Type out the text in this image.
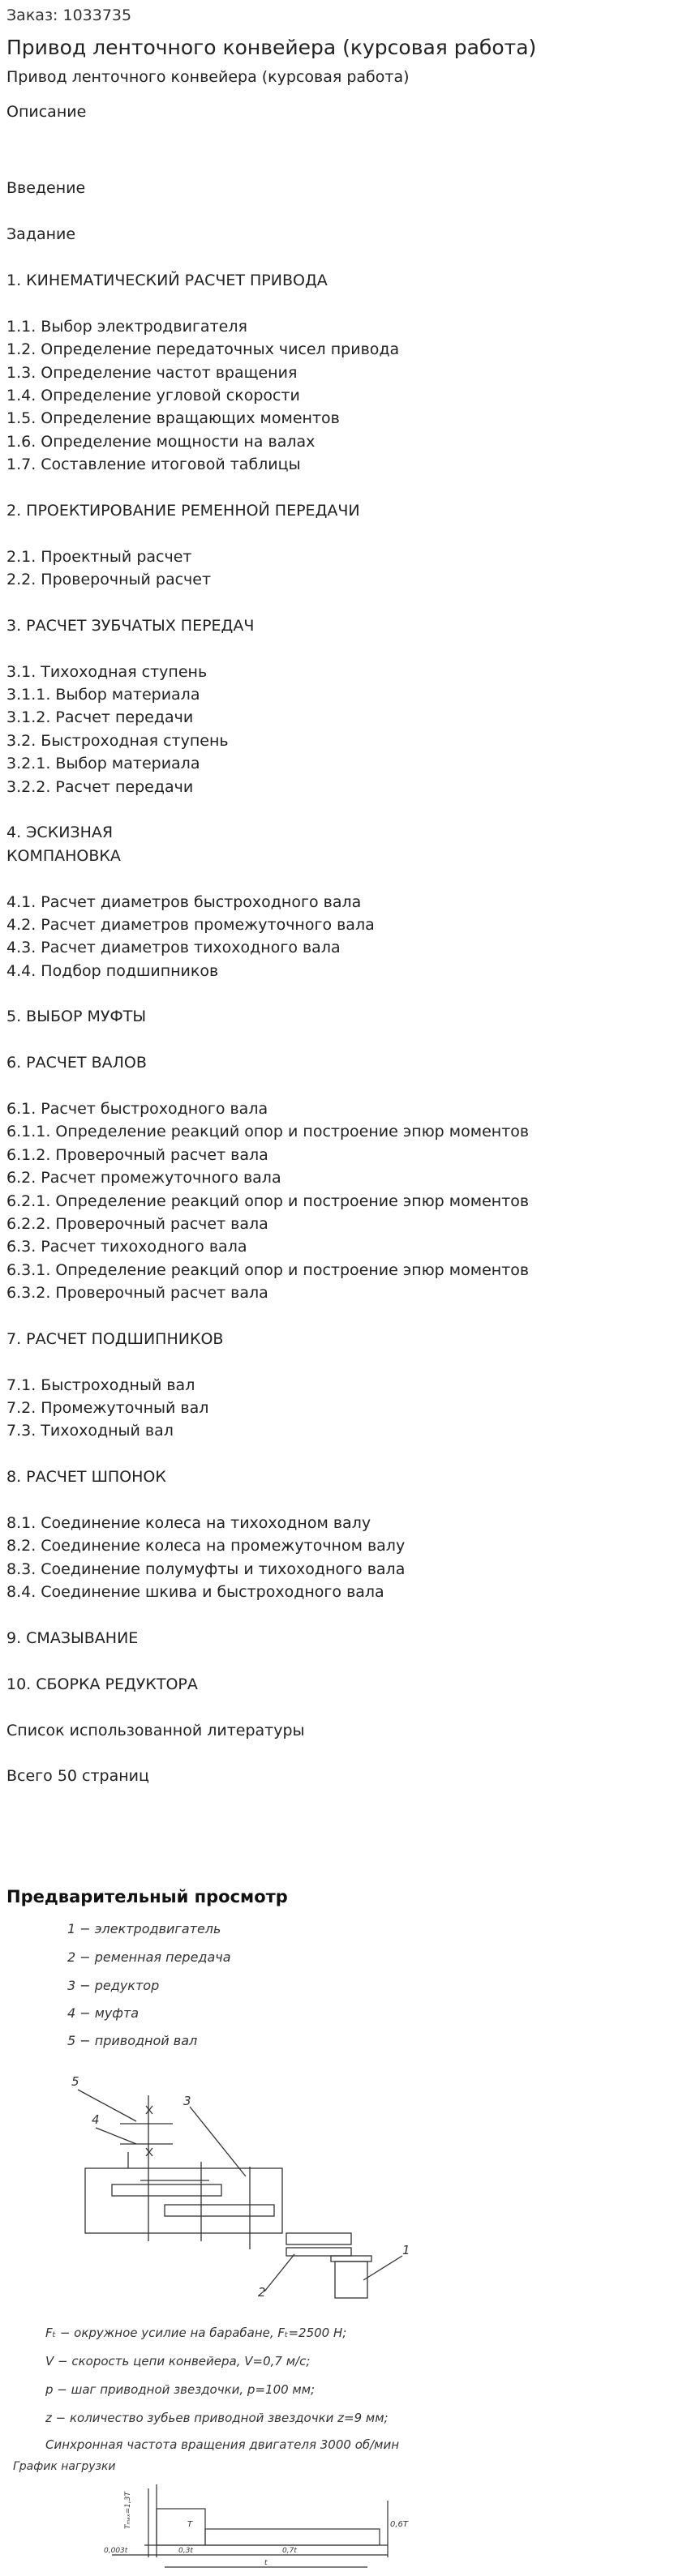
Заказ: 1033735
Привод ленточного конвейера (курсовая работа)
Привод ленточного конвейера (курсовая работа)
Описание
Введение
Задание
1. КИНЕМАТИЧЕСКИЙ РАСЧЕТ ПРИВОДА
1.1. Выбор электродвигателя
1.2. Определение передаточных чисел привода
1.3. Определение частот вращения
1.4. Определение угловой скорости
1.5. Определение вращающих моментов
1.6. Определение мощности на валах
1.7. Составление итоговой таблицы
2. ПРОЕКТИРОВАНИЕ РЕМЕННОЙ ПЕРЕДАЧИ
2.1. Проектный расчет
2.2. Проверочный расчет
3. РАСЧЕТ ЗУБЧАТЫХ ПЕРЕДАЧ
3.1. Тихоходная ступень
3.1.1. Выбор материала
3.1.2. Расчет передачи
3.2. Быстроходная ступень
3.2.1. Выбор материала
3.2.2. Расчет передачи
4. ЭСКИЗНАЯ
КОМПАНОВКА
4.1. Расчет диаметров быстроходного вала
4.2. Расчет диаметров промежуточного вала
4.3. Расчет диаметров тихоходного вала
4.4. Подбор подшипников
5. ВЫБОР МУФТЫ
6. РАСЧЕТ ВАЛОВ
6.1. Расчет быстроходного вала
6.1.1. Определение реакций опор и построение эпюр моментов
6.1.2. Проверочный расчет вала
6.2. Расчет промежуточного вала
6.2.1. Определение реакций опор и построение эпюр моментов
6.2.2. Проверочный расчет вала
6.3. Расчет тихоходного вала
6.3.1. Определение реакций опор и построение эпюр моментов
6.3.2. Проверочный расчет вала
7. РАСЧЕТ ПОДШИПНИКОВ
7.1. Быстроходный вал
7.2. Промежуточный вал
7.3. Тихоходный вал
8. РАСЧЕТ ШПОНОК
8.1. Соединение колеса на тихоходном валу
8.2. Соединение колеса на промежуточном валу
8.3. Соединение полумуфты и тихоходного вала
8.4. Соединение шкива и быстроходного вала
9. СМАЗЫВАНИЕ
10. СБОРКА РЕДУКТОРА
Список использованной литературы
Всего 50 страниц
Предварительный просмотр
1 − электродвигатель
2 − ременная передача
3 − редуктор
4 − муфта
5 − приводной вал
5
4
3
2
1
Fₜ − окружное усилие на барабане, Fₜ=2500 Н;
V − скорость цепи конвейера, V=0,7 м/с;
p − шаг приводной звездочки, p=100 мм;
z − количество зубьев приводной звездочки z=9 мм;
Синхронная частота вращения двигателя 3000 об/мин
График нагрузки
Тₘₐₓ=1,3Т	Т	0,6Т
0,003t	0,3t	0,7t
t
